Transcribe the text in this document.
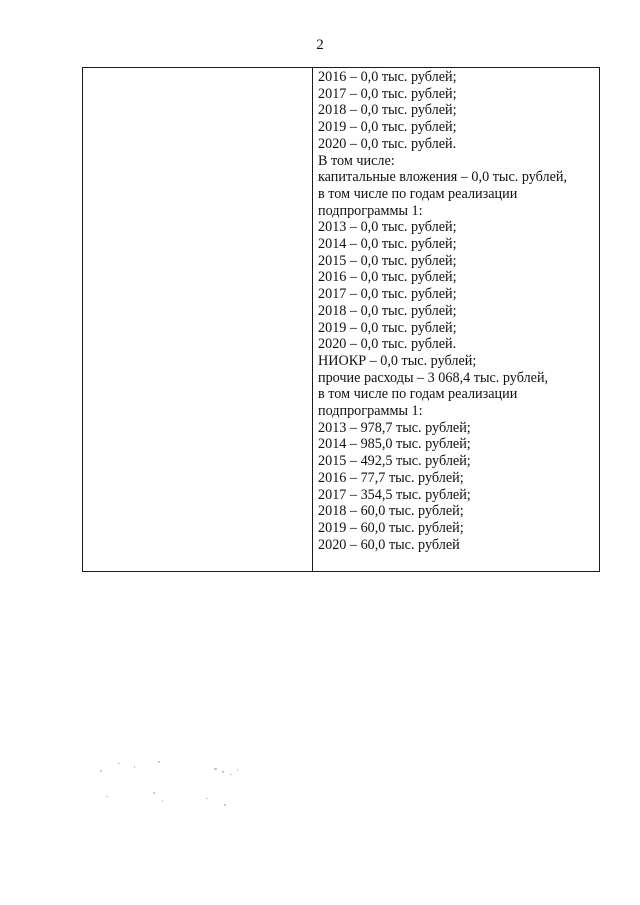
2
2016 – 0,0 тыс. рублей;
2017 – 0,0 тыс. рублей;
2018 – 0,0 тыс. рублей;
2019 – 0,0 тыс. рублей;
2020 – 0,0 тыс. рублей.
В том числе:
капитальные вложения – 0,0 тыс. рублей,
в том числе по годам реализации
подпрограммы 1:
2013 – 0,0 тыс. рублей;
2014 – 0,0 тыс. рублей;
2015 – 0,0 тыс. рублей;
2016 – 0,0 тыс. рублей;
2017 – 0,0 тыс. рублей;
2018 – 0,0 тыс. рублей;
2019 – 0,0 тыс. рублей;
2020 – 0,0 тыс. рублей.
НИОКР – 0,0 тыс. рублей;
прочие расходы – 3 068,4 тыс. рублей,
в том числе по годам реализации
подпрограммы 1:
2013 – 978,7 тыс. рублей;
2014 – 985,0 тыс. рублей;
2015 – 492,5 тыс. рублей;
2016 – 77,7 тыс. рублей;
2017 – 354,5 тыс. рублей;
2018 – 60,0 тыс. рублей;
2019 – 60,0 тыс. рублей;
2020 – 60,0 тыс. рублей
